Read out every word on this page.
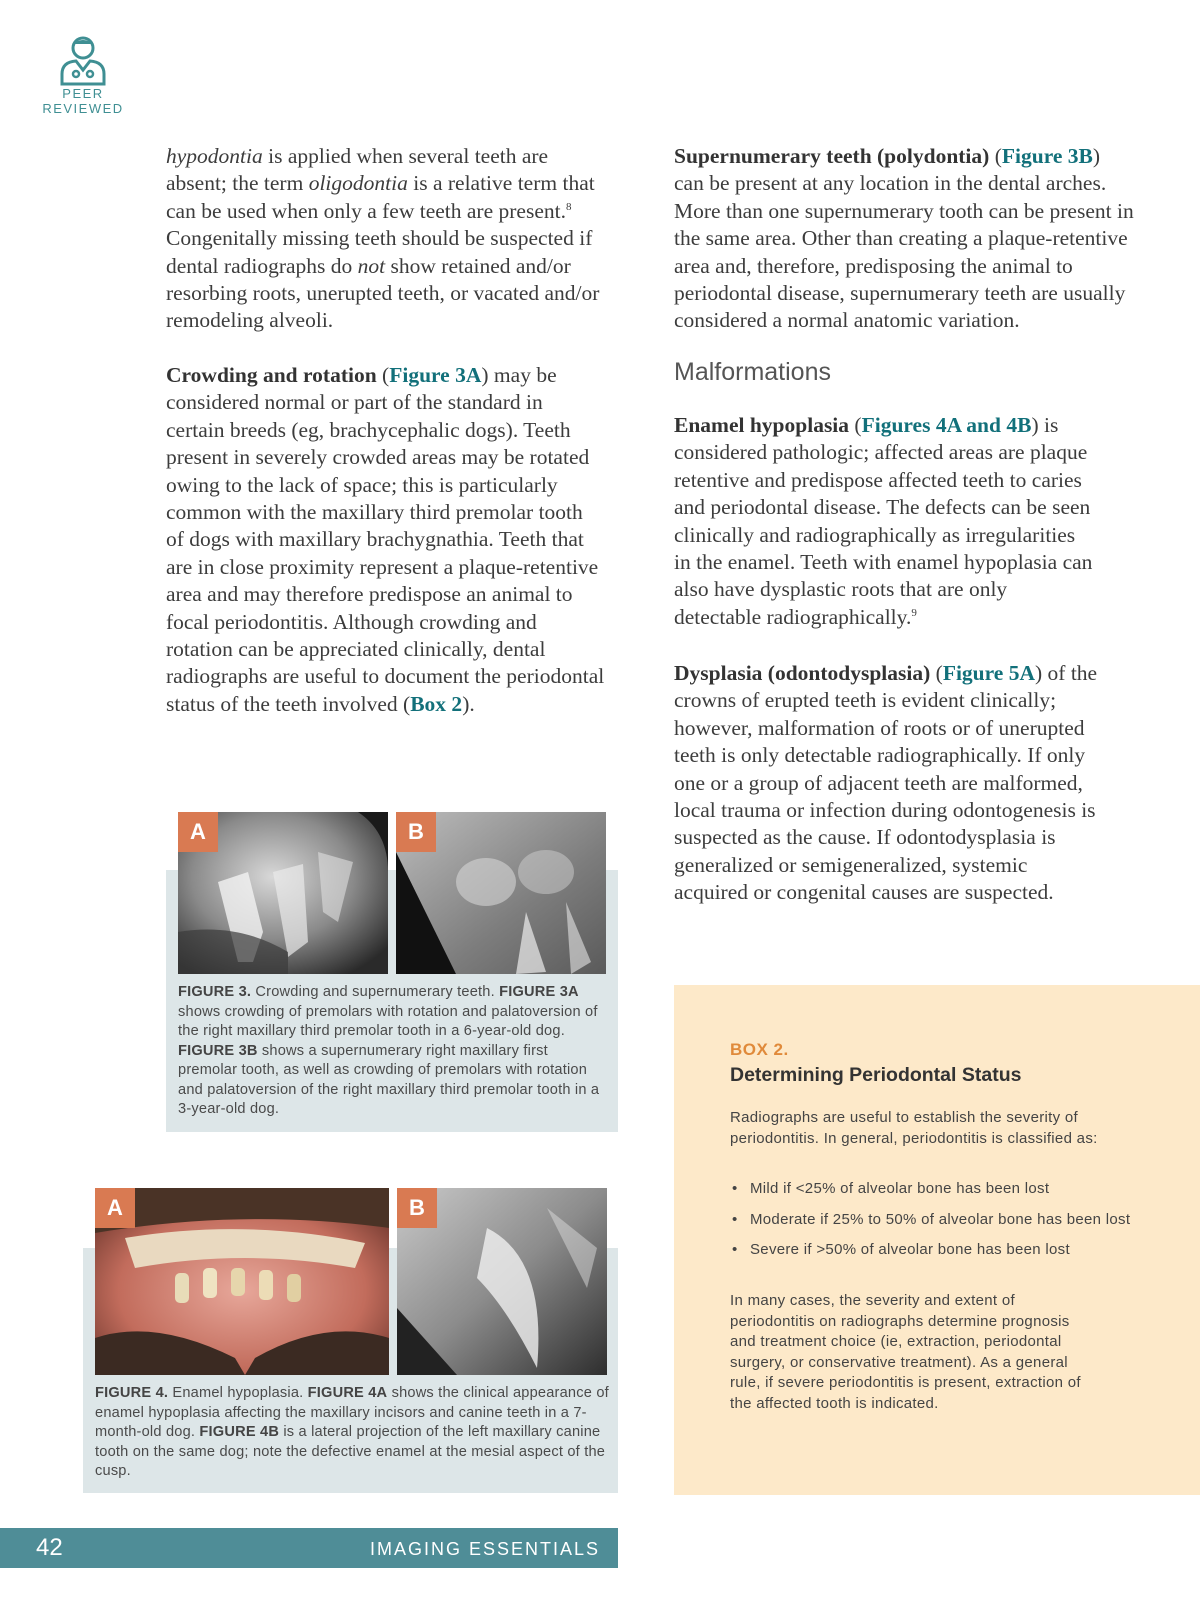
PEER
REVIEWED

hypodontia is applied when several teeth are absent; the term oligodontia is a relative term that can be used when only a few teeth are present.$^8$ Congenitally missing teeth should be suspected if dental radiographs do not show retained and/or resorbing roots, unerupted teeth, or vacated and/or remodeling alveoli.

Crowding and rotation (Figure 3A) may be considered normal or part of the standard in certain breeds (eg, brachycephalic dogs). Teeth present in severely crowded areas may be rotated owing to the lack of space; this is particularly common with the maxillary third premolar tooth of dogs with maxillary brachygnathia. Teeth that are in close proximity represent a plaque-retentive area and may therefore predispose an animal to focal periodontitis. Although crowding and rotation can be appreciated clinically, dental radiographs are useful to document the periodontal status of the teeth involved (Box 2).

Supernumerary teeth (polydontia) (Figure 3B) can be present at any location in the dental arches. More than one supernumerary tooth can be present in the same area. Other than creating a plaque-retentive area and, therefore, predisposing the animal to periodontal disease, supernumerary teeth are usually considered a normal anatomic variation.

Malformations

Enamel hypoplasia (Figures 4A and 4B) is considered pathologic; affected areas are plaque retentive and predispose affected teeth to caries and periodontal disease. The defects can be seen clinically and radiographically as irregularities in the enamel. Teeth with enamel hypoplasia can also have dysplastic roots that are only detectable radiographically.$^9$

Dysplasia (odontodysplasia) (Figure 5A) of the crowns of erupted teeth is evident clinically; however, malformation of roots or of unerupted teeth is only detectable radiographically. If only one or a group of adjacent teeth are malformed, local trauma or infection during odontogenesis is suspected as the cause. If odontodysplasia is generalized or semigeneralized, systemic acquired or congenital causes are suspected.

A	B
FIGURE 3. Crowding and supernumerary teeth. FIGURE 3A shows crowding of premolars with rotation and palatoversion of the right maxillary third premolar tooth in a 6-year-old dog. FIGURE 3B shows a supernumerary right maxillary first premolar tooth, as well as crowding of premolars with rotation and palatoversion of the right maxillary third premolar tooth in a 3-year-old dog.
A	B
FIGURE 4. Enamel hypoplasia. FIGURE 4A shows the clinical appearance of enamel hypoplasia affecting the maxillary incisors and canine teeth in a 7-month-old dog. FIGURE 4B is a lateral projection of the left maxillary canine tooth on the same dog; note the defective enamel at the mesial aspect of the cusp.
BOX 2.
Determining Periodontal Status
Radiographs are useful to establish the severity of periodontitis. In general, periodontitis is classified as:
• Mild if <25% of alveolar bone has been lost
• Moderate if 25% to 50% of alveolar bone has been lost
• Severe if >50% of alveolar bone has been lost
In many cases, the severity and extent of periodontitis on radiographs determine prognosis and treatment choice (ie, extraction, periodontal surgery, or conservative treatment). As a general rule, if severe periodontitis is present, extraction of the affected tooth is indicated.
42	IMAGING ESSENTIALS
